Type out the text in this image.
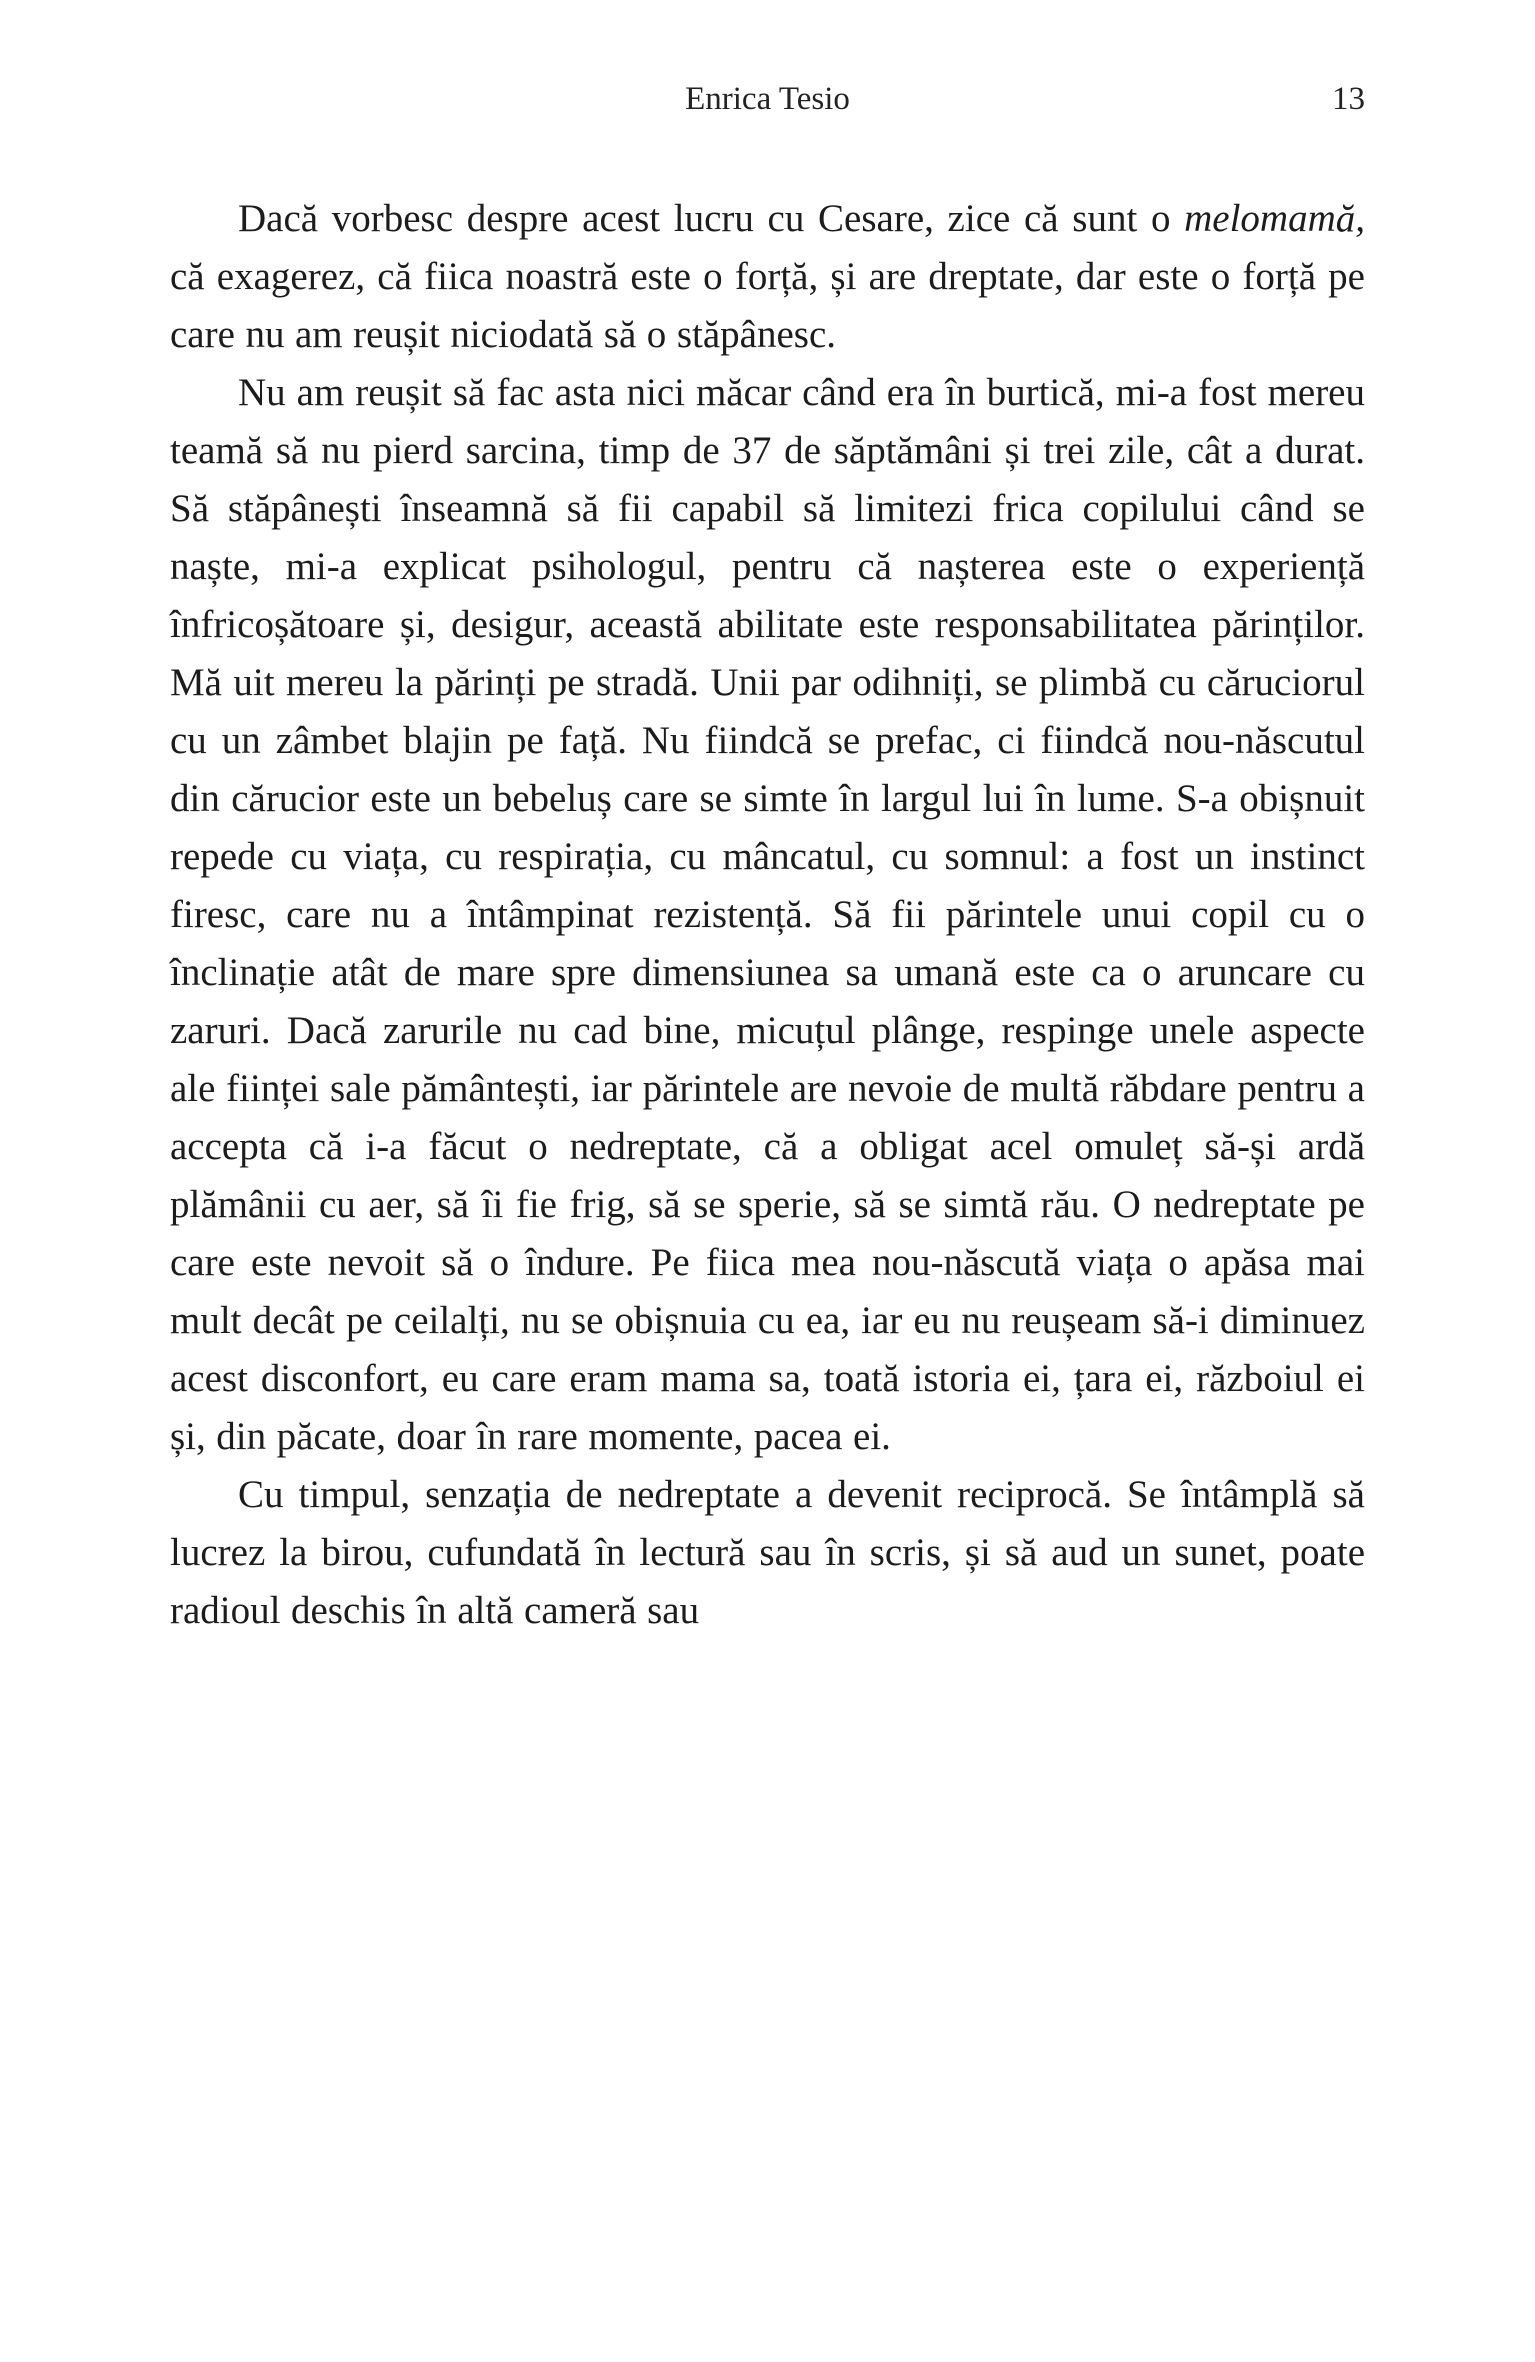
Enrica Tesio	13

Dacă vorbesc despre acest lucru cu Cesare, zice că sunt o melomamă, că exagerez, că fiica noastră este o forță, și are dreptate, dar este o forță pe care nu am reușit niciodată să o stăpânesc.

Nu am reușit să fac asta nici măcar când era în burtică, mi-a fost mereu teamă să nu pierd sarcina, timp de 37 de săptămâni și trei zile, cât a durat. Să stăpânești înseamnă să fii capabil să limitezi frica copilului când se naște, mi-a explicat psihologul, pentru că nașterea este o experiență înfricoșătoare și, desigur, această abilitate este responsabilitatea părinților. Mă uit mereu la părinți pe stradă. Unii par odihniți, se plimbă cu căruciorul cu un zâmbet blajin pe față. Nu fiindcă se prefac, ci fiindcă nou-născutul din cărucior este un bebeluș care se simte în largul lui în lume. S-a obișnuit repede cu viața, cu respirația, cu mâncatul, cu somnul: a fost un instinct firesc, care nu a întâmpinat rezistență. Să fii părintele unui copil cu o înclinație atât de mare spre dimensiunea sa umană este ca o aruncare cu zaruri. Dacă zarurile nu cad bine, micuțul plânge, respinge unele aspecte ale ființei sale pământești, iar părintele are nevoie de multă răbdare pentru a accepta că i-a făcut o nedreptate, că a obligat acel omuleț să-și ardă plămânii cu aer, să îi fie frig, să se sperie, să se simtă rău. O nedreptate pe care este nevoit să o îndure. Pe fiica mea nou-născută viața o apăsa mai mult decât pe ceilalți, nu se obișnuia cu ea, iar eu nu reușeam să-i diminuez acest disconfort, eu care eram mama sa, toată istoria ei, țara ei, războiul ei și, din păcate, doar în rare momente, pacea ei.

Cu timpul, senzația de nedreptate a devenit reciprocă. Se întâmplă să lucrez la birou, cufundată în lectură sau în scris, și să aud un sunet, poate radioul deschis în altă cameră sau
